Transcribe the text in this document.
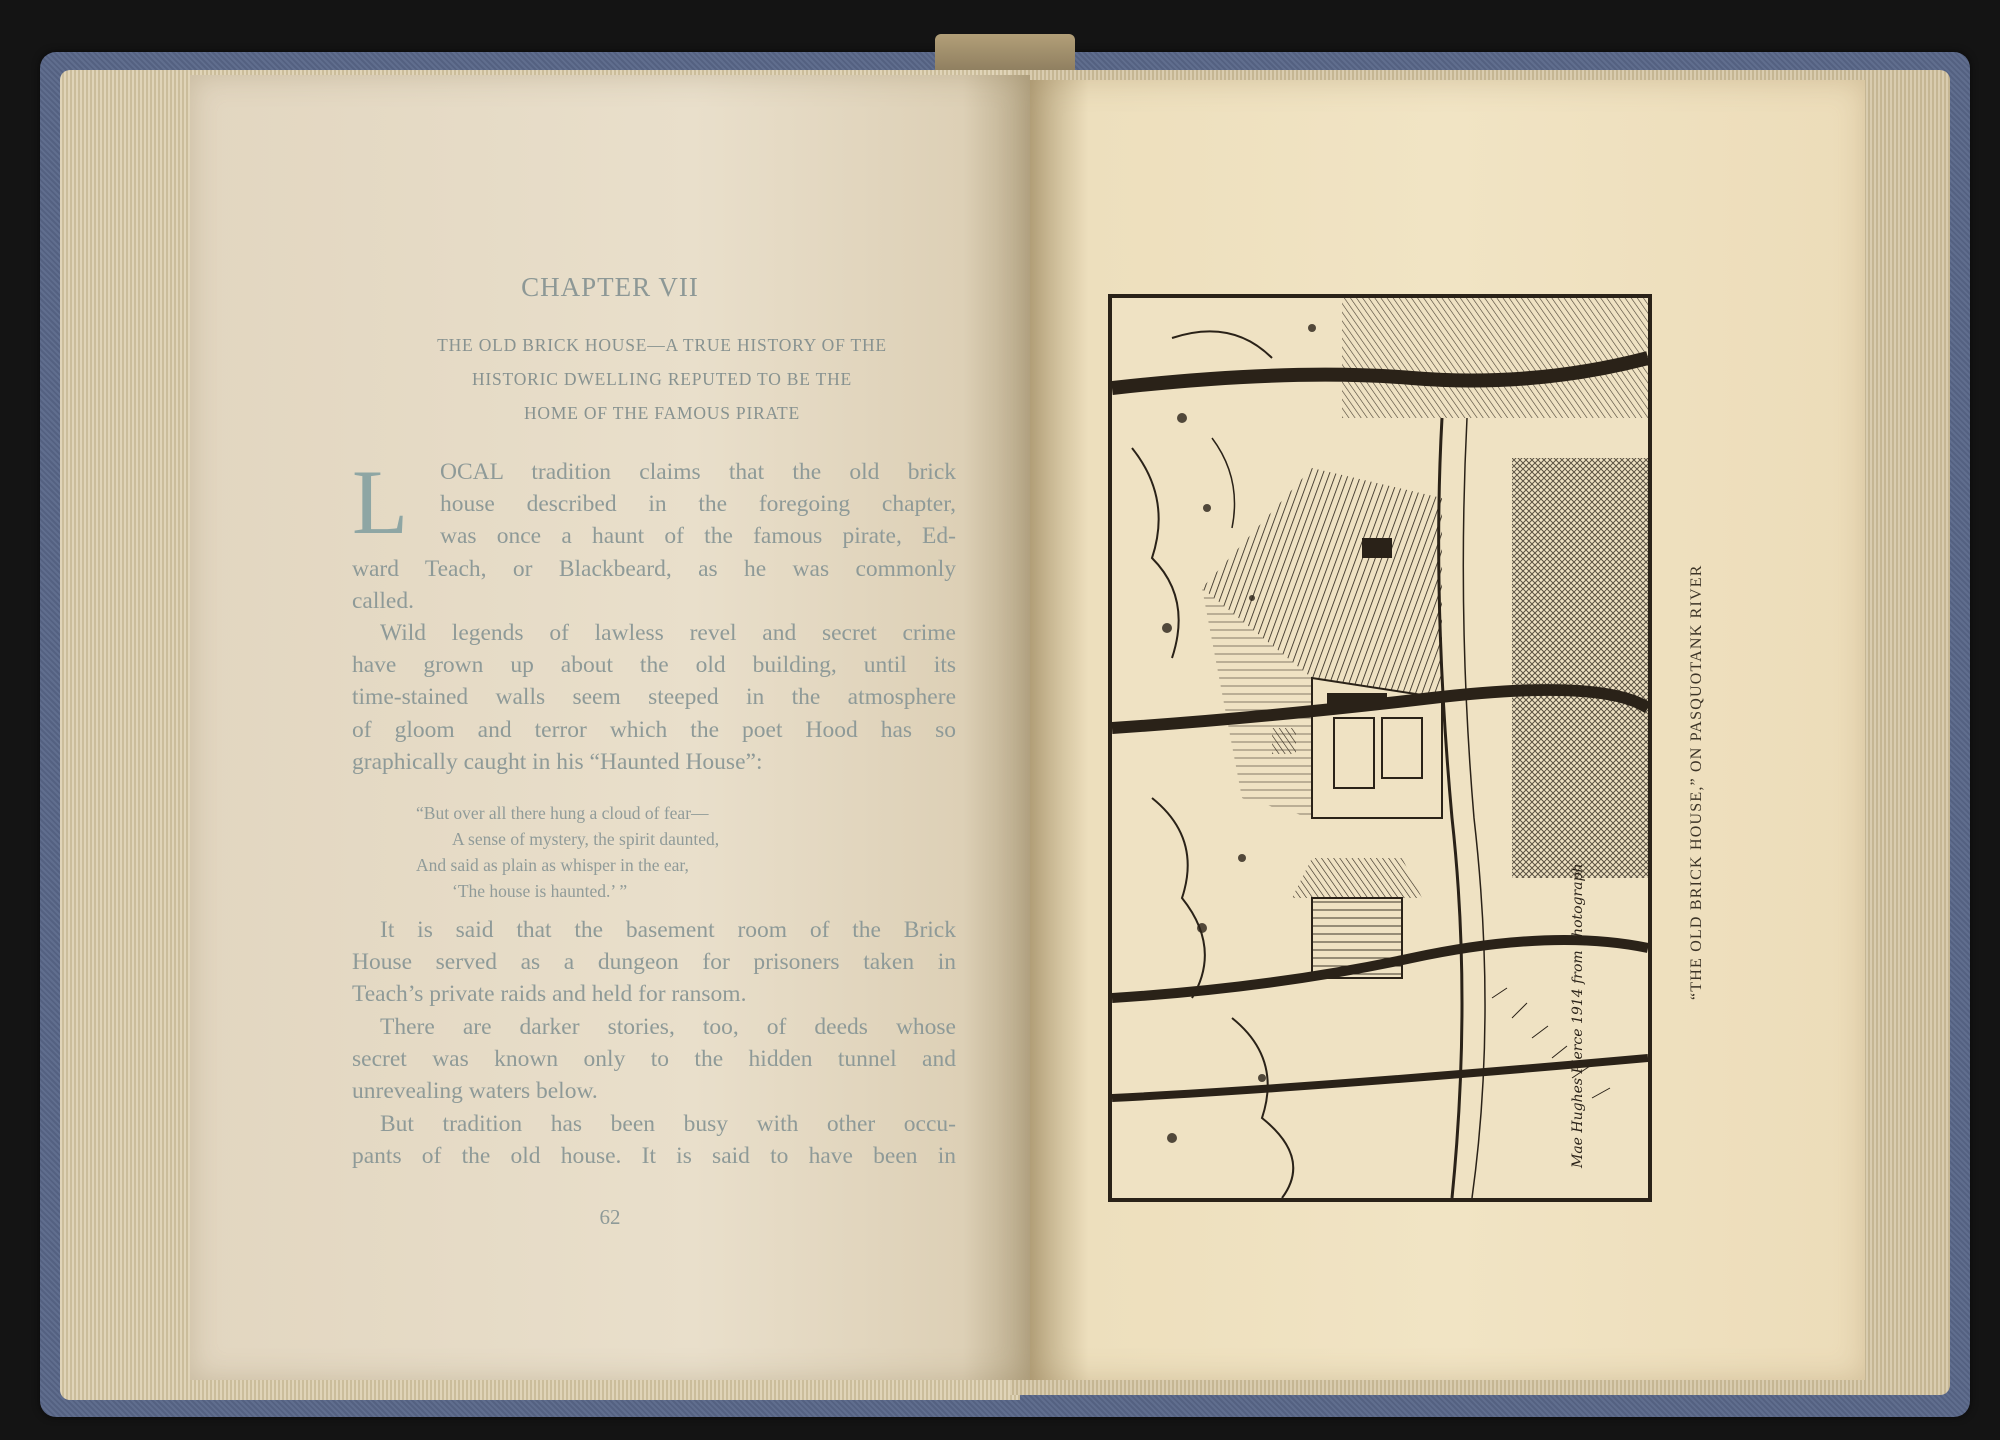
CHAPTER VII
THE OLD BRICK HOUSE—A TRUE HISTORY OF THE
HISTORIC DWELLING REPUTED TO BE THE
HOME OF THE FAMOUS PIRATE
L	OCAL tradition claims that the old brick
house described in the foregoing chapter,
was once a haunt of the famous pirate, Ed-
ward Teach, or Blackbeard, as he was commonly
called.
Wild legends of lawless revel and secret crime
have grown up about the old building, until its
time-stained walls seem steeped in the atmosphere
of gloom and terror which the poet Hood has so
graphically caught in his “Haunted House”:
“But over all there hung a cloud of fear—
A sense of mystery, the spirit daunted,
And said as plain as whisper in the ear,
‘The house is haunted.’ ”
It is said that the basement room of the Brick
House served as a dungeon for prisoners taken in
Teach’s private raids and held for ransom.
There are darker stories, too, of deeds whose
secret was known only to the hidden tunnel and
unrevealing waters below.
But tradition has been busy with other occu-
pants of the old house. It is said to have been in
62
Mae Hughes Pierce 1914 from photograph
“THE OLD BRICK HOUSE,” ON PASQUOTANK RIVER
